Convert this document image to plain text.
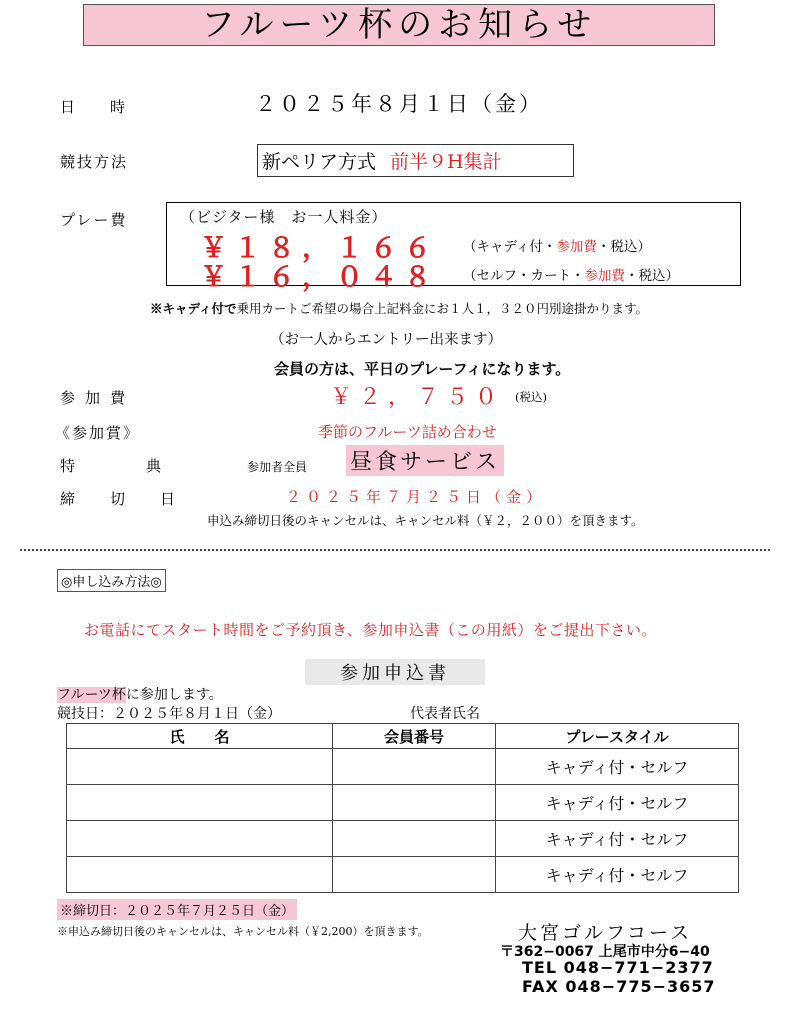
フルーツ杯のお知らせ
日　時	２０２５年８月１日（金）
競技方法	新ペリア方式 前半９H集計
プレー費	（ビジター様　お一人料金）
￥１８，１６６ （キャディ付・参加費・税込）
￥１６，０４８ （セルフ・カート・参加費・税込）
※キャディ付で乗用カートご希望の場合上記料金にお１人１，３２０円別途掛かります。
（お一人からエントリー出来ます）
会員の方は、平日のプレーフィになります。
参加費	￥２，７５０ (税込)
《参加賞》	季節のフルーツ詰め合わせ
特　典	参加者全員 昼食サービス
締　切　日	２０２５年７月２５日（金）
申込み締切日後のキャンセルは、キャンセル料（￥２，２００）を頂きます。
◎申し込み方法◎
お電話にてスタート時間をご予約頂き、参加申込書（この用紙）をご提出下さい。
参加申込書
フルーツ杯に参加します。
競技日：２０２５年８月１日（金）	代表者氏名
氏　　名	会員番号	プレースタイル
		キャディ付・セルフ
		キャディ付・セルフ
		キャディ付・セルフ
		キャディ付・セルフ
※締切日：２０２５年７月２５日（金）
※申込み締切日後のキャンセルは、キャンセル料（￥2,200）を頂きます。	大宮ゴルフコース
〒362−0067 上尾市中分6−40
TEL 048−771−2377
FAX 048−775−3657
